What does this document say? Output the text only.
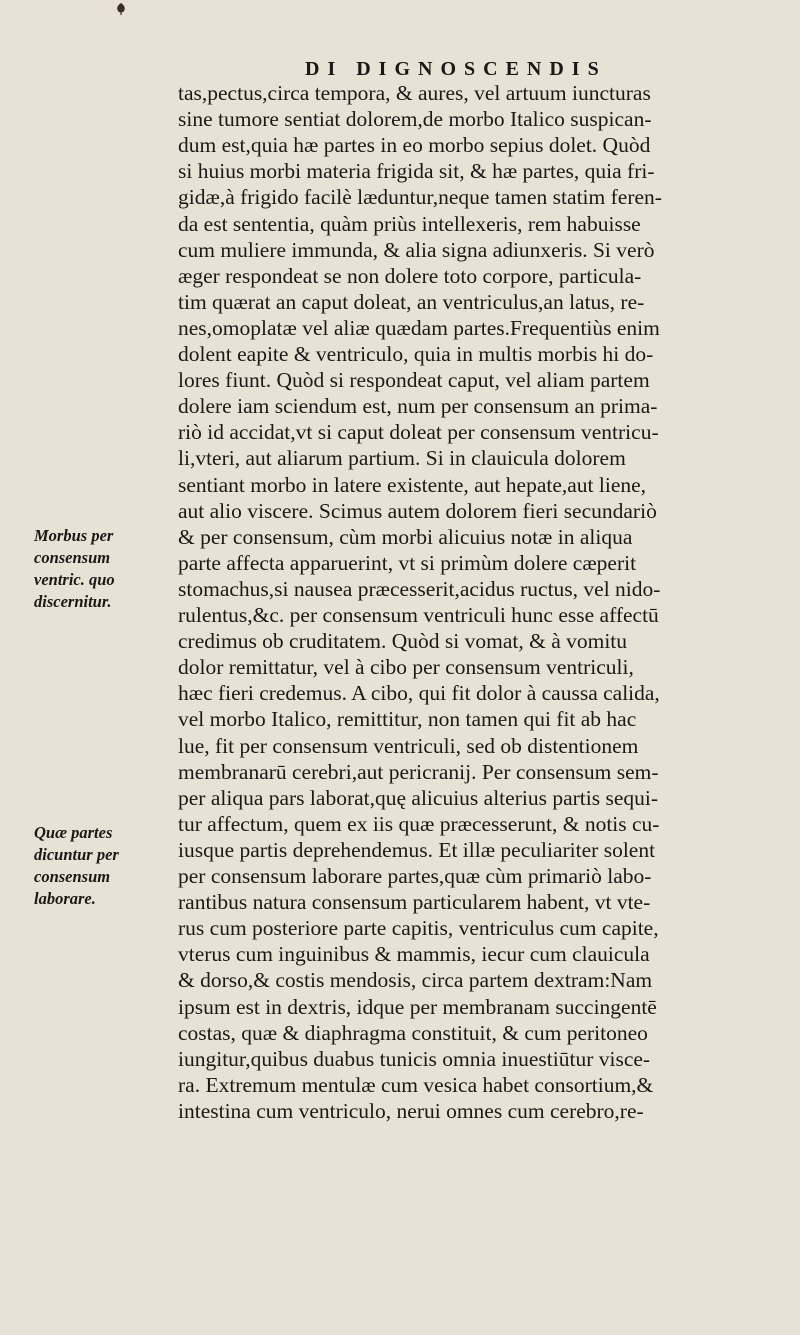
DI DIGNOSCENDIS
tas,pectus,circa tempora, & aures, vel artuum iuncturas
sine tumore sentiat dolorem,de morbo Italico suspican-
dum est,quia hæ partes in eo morbo sepius dolet. Quòd
si huius morbi materia frigida sit, & hæ partes, quia fri-
gidæ,à frigido facilè læduntur,neque tamen statim feren-
da est sententia, quàm priùs intellexeris, rem habuisse
cum muliere immunda, & alia signa adiunxeris. Si verò
æger respondeat se non dolere toto corpore, particula-
tim quærat an caput doleat, an ventriculus,an latus, re-
nes,omoplatæ vel aliæ quædam partes.Frequentiùs enim
dolent eapite & ventriculo, quia in multis morbis hi do-
lores fiunt. Quòd si respondeat caput, vel aliam partem
dolere iam sciendum est, num per consensum an prima-
riò id accidat,vt si caput doleat per consensum ventricu-
li,vteri, aut aliarum partium. Si in clauicula dolorem
sentiant morbo in latere existente, aut hepate,aut liene,
aut alio viscere. Scimus autem dolorem fieri secundariò
& per consensum, cùm morbi alicuius notæ in aliqua
parte affecta apparuerint, vt si primùm dolere cæperit
stomachus,si nausea præcesserit,acidus ructus, vel nido-
rulentus,&c. per consensum ventriculi hunc esse affectū
credimus ob cruditatem. Quòd si vomat, & à vomitu
dolor remittatur, vel à cibo per consensum ventriculi,
hæc fieri credemus. A cibo, qui fit dolor à caussa calida,
vel morbo Italico, remittitur, non tamen qui fit ab hac
lue, fit per consensum ventriculi, sed ob distentionem
membranarū cerebri,aut pericranij. Per consensum sem-
per aliqua pars laborat,quę alicuius alterius partis sequi-
tur affectum, quem ex iis quæ præcesserunt, & notis cu-
iusque partis deprehendemus. Et illæ peculiariter solent
per consensum laborare partes,quæ cùm primariò labo-
rantibus natura consensum particularem habent, vt vte-
rus cum posteriore parte capitis, ventriculus cum capite,
vterus cum inguinibus & mammis, iecur cum clauicula
& dorso,& costis mendosis, circa partem dextram:Nam
ipsum est in dextris, idque per membranam succingentē
costas, quæ & diaphragma constituit, & cum peritoneo
iungitur,quibus duabus tunicis omnia inuestiūtur visce-
ra. Extremum mentulæ cum vesica habet consortium,&
intestina cum ventriculo, nerui omnes cum cerebro,re-
Morbus per
consensum
ventric. quo
discernitur.
Quæ partes
dicuntur per
consensum
laborare.
